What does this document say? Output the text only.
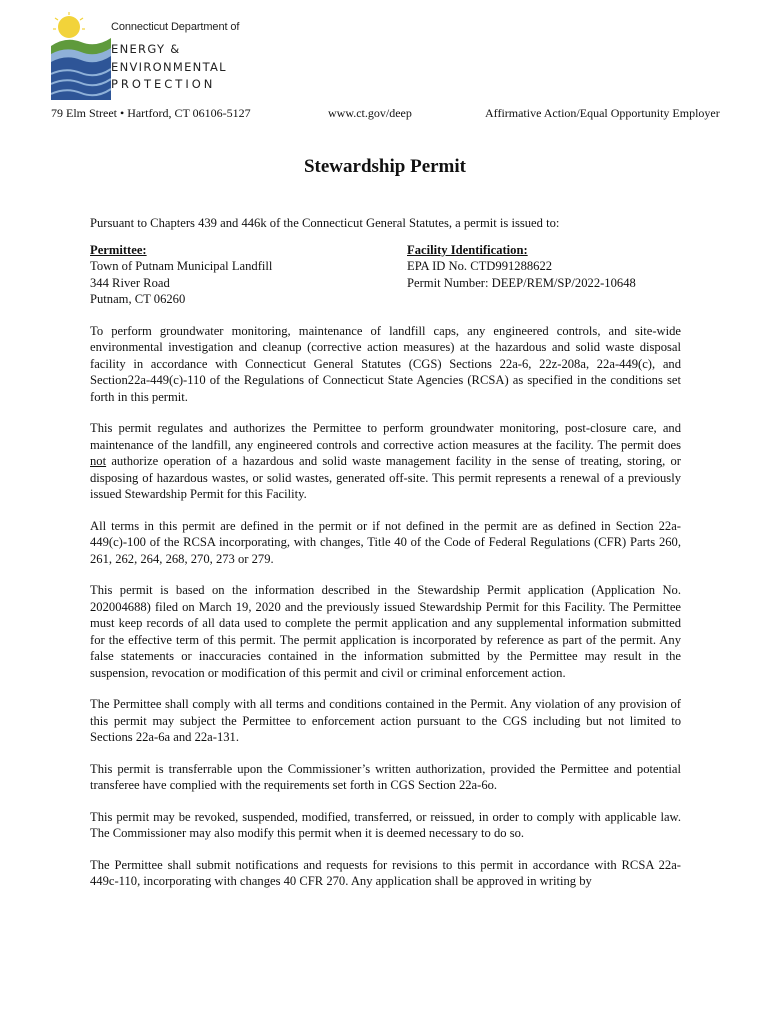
Connecticut Department of
ENERGY &
ENVIRONMENTAL
PROTECTION
79 Elm Street • Hartford, CT 06106-5127	www.ct.gov/deep	Affirmative Action/Equal Opportunity Employer
Stewardship Permit

Pursuant to Chapters 439 and 446k of the Connecticut General Statutes, a permit is issued to:

Permittee:
Town of Putnam Municipal Landfill
344 River Road
Putnam, CT 06260
Facility Identification:
EPA ID No. CTD991288622
Permit Number: DEEP/REM/SP/2022-10648

To perform groundwater monitoring, maintenance of landfill caps, any engineered controls, and site-wide environmental investigation and cleanup (corrective action measures) at the hazardous and solid waste disposal facility in accordance with Connecticut General Statutes (CGS) Sections 22a-6, 22z-208a, 22a-449(c), and Section22a-449(c)-110 of the Regulations of Connecticut State Agencies (RCSA) as specified in the conditions set forth in this permit.

This permit regulates and authorizes the Permittee to perform groundwater monitoring, post-closure care, and maintenance of the landfill, any engineered controls and corrective action measures at the facility. The permit does not authorize operation of a hazardous and solid waste management facility in the sense of treating, storing, or disposing of hazardous wastes, or solid wastes, generated off-site. This permit represents a renewal of a previously issued Stewardship Permit for this Facility.

All terms in this permit are defined in the permit or if not defined in the permit are as defined in Section 22a-449(c)-100 of the RCSA incorporating, with changes, Title 40 of the Code of Federal Regulations (CFR) Parts 260, 261, 262, 264, 268, 270, 273 or 279.

This permit is based on the information described in the Stewardship Permit application (Application No. 202004688) filed on March 19, 2020 and the previously issued Stewardship Permit for this Facility. The Permittee must keep records of all data used to complete the permit application and any supplemental information submitted for the effective term of this permit. The permit application is incorporated by reference as part of the permit. Any false statements or inaccuracies contained in the information submitted by the Permittee may result in the suspension, revocation or modification of this permit and civil or criminal enforcement action.

The Permittee shall comply with all terms and conditions contained in the Permit. Any violation of any provision of this permit may subject the Permittee to enforcement action pursuant to the CGS including but not limited to Sections 22a-6a and 22a-131.

This permit is transferrable upon the Commissioner’s written authorization, provided the Permittee and potential transferee have complied with the requirements set forth in CGS Section 22a-6o.

This permit may be revoked, suspended, modified, transferred, or reissued, in order to comply with applicable law. The Commissioner may also modify this permit when it is deemed necessary to do so.

The Permittee shall submit notifications and requests for revisions to this permit in accordance with RCSA 22a-449c-110, incorporating with changes 40 CFR 270. Any application shall be approved in writing by
